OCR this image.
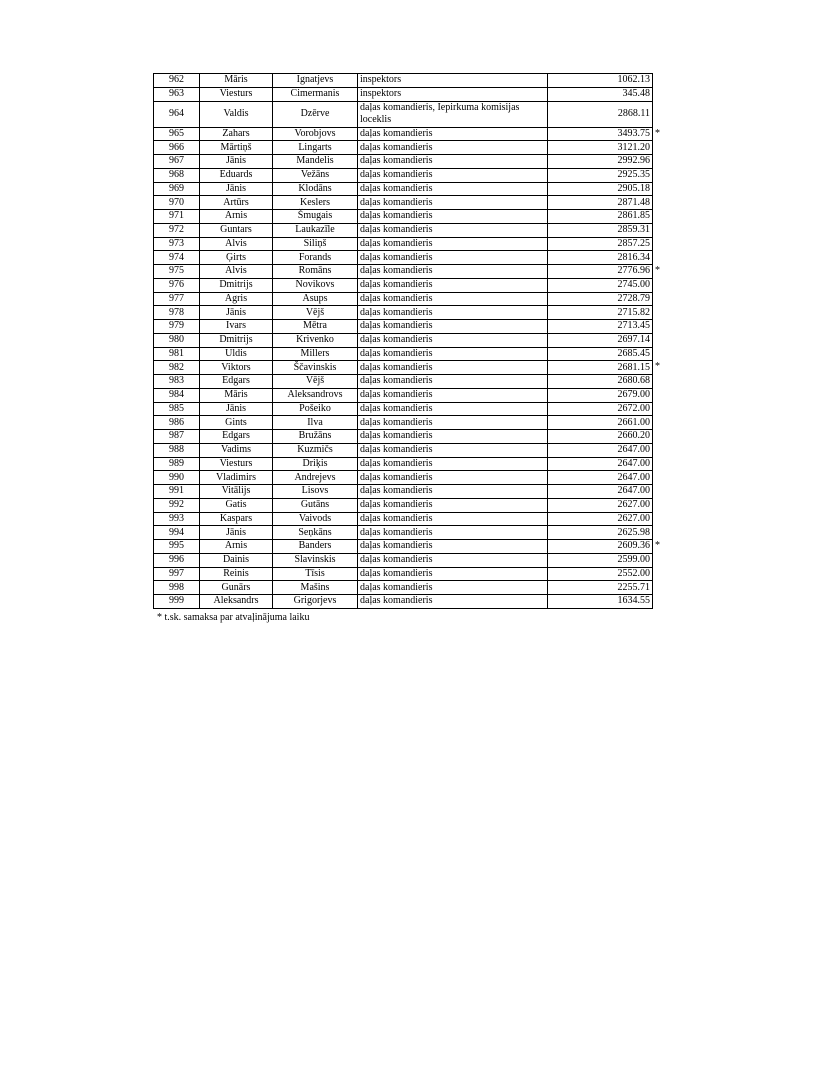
962	Māris	Ignatjevs	inspektors	1062.13
963	Viesturs	Cimermanis	inspektors	345.48
964	Valdis	Dzērve	daļas komandieris, Iepirkuma komisijas loceklis	2868.11
965	Zahars	Vorobjovs	daļas komandieris	3493.75 *

966	Mārtiņš	Lingarts	daļas komandieris	3121.20
967	Jānis	Mandelis	daļas komandieris	2992.96
968	Eduards	Vežāns	daļas komandieris	2925.35
969	Jānis	Klodāns	daļas komandieris	2905.18
970	Artūrs	Keslers	daļas komandieris	2871.48
971	Arnis	Šmugais	daļas komandieris	2861.85
972	Guntars	Laukazīle	daļas komandieris	2859.31
973	Alvis	Siliņš	daļas komandieris	2857.25
974	Ģirts	Forands	daļas komandieris	2816.34
975	Alvis	Romāns	daļas komandieris	2776.96 *

976	Dmitrijs	Novikovs	daļas komandieris	2745.00
977	Agris	Asups	daļas komandieris	2728.79
978	Jānis	Vējš	daļas komandieris	2715.82
979	Ivars	Mētra	daļas komandieris	2713.45
980	Dmitrijs	Krivenko	daļas komandieris	2697.14
981	Uldis	Millers	daļas komandieris	2685.45
982	Viktors	Ščavinskis	daļas komandieris	2681.15 *

983	Edgars	Vējš	daļas komandieris	2680.68
984	Māris	Aleksandrovs	daļas komandieris	2679.00
985	Jānis	Pošeiko	daļas komandieris	2672.00
986	Gints	Ilva	daļas komandieris	2661.00
987	Edgars	Bružāns	daļas komandieris	2660.20
988	Vadims	Kuzmičs	daļas komandieris	2647.00
989	Viesturs	Driķis	daļas komandieris	2647.00
990	Vladimirs	Andrejevs	daļas komandieris	2647.00
991	Vitālijs	Lisovs	daļas komandieris	2647.00
992	Gatis	Gutāns	daļas komandieris	2627.00
993	Kaspars	Vaivods	daļas komandieris	2627.00
994	Jānis	Seņkāns	daļas komandieris	2625.98
995	Arnis	Banders	daļas komandieris	2609.36 *

996	Dainis	Slavinskis	daļas komandieris	2599.00
997	Reinis	Tīsis	daļas komandieris	2552.00
998	Gunārs	Mašins	daļas komandieris	2255.71
999	Aleksandrs	Grigorjevs	daļas komandieris	1634.55
* t.sk. samaksa par atvaļinājuma laiku
